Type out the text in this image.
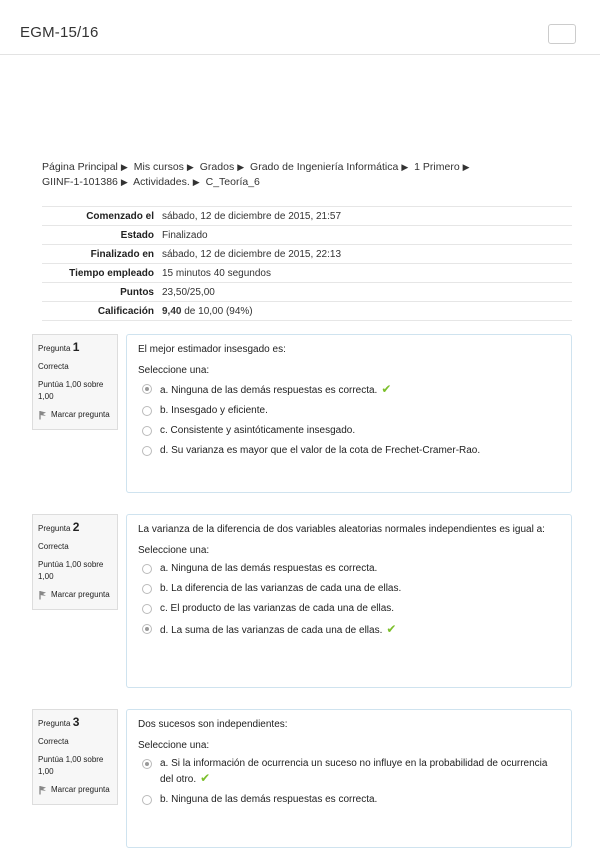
EGM-15/16
Página Principal ▶ Mis cursos ▶ Grados ▶ Grado de Ingeniería Informática ▶ 1 Primero ▶
GIINF-1-101386 ▶ Actividades. ▶ C_Teoría_6
Comenzado el	sábado, 12 de diciembre de 2015, 21:57
Estado	Finalizado
Finalizado en	sábado, 12 de diciembre de 2015, 22:13
Tiempo empleado	15 minutos 40 segundos
Puntos	23,50/25,00
Calificación	9,40 de 10,00 (94%)
Pregunta 1
Correcta
Puntúa 1,00 sobre 1,00
Marcar pregunta
El mejor estimador insesgado es:
Seleccione una:
a. Ninguna de las demás respuestas es correcta. ✔
b. Insesgado y eficiente.
c. Consistente y asintóticamente insesgado.
d. Su varianza es mayor que el valor de la cota de Frechet-Cramer-Rao.
Pregunta 2
Correcta
Puntúa 1,00 sobre 1,00
Marcar pregunta
La varianza de la diferencia de dos variables aleatorias normales independientes es igual a:
Seleccione una:
a. Ninguna de las demás respuestas es correcta.
b. La diferencia de las varianzas de cada una de ellas.
c. El producto de las varianzas de cada una de ellas.
d. La suma de las varianzas de cada una de ellas. ✔
Pregunta 3
Correcta
Puntúa 1,00 sobre 1,00
Marcar pregunta
Dos sucesos son independientes:
Seleccione una:
a. Si la información de ocurrencia un suceso no influye en la probabilidad de ocurrencia del otro. ✔
b. Ninguna de las demás respuestas es correcta.
